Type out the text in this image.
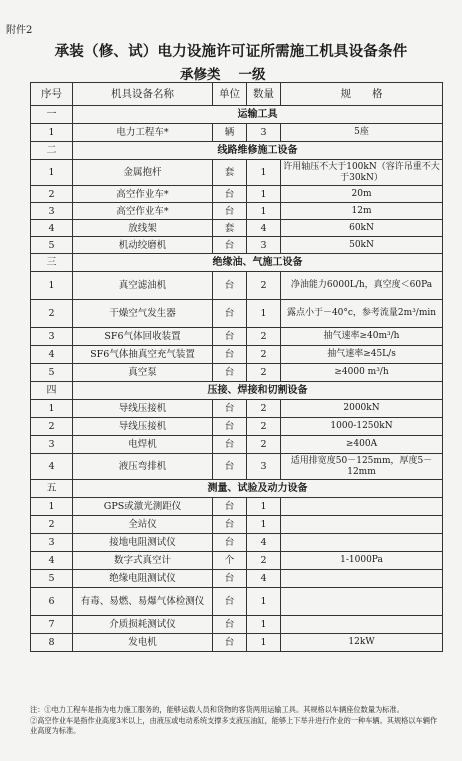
附件2
承装（修、试）电力设施许可证所需施工机具设备条件
承修类 一级
序号	机具设备名称	单位	数量	规　　格
一	运输工具			
1	电力工程车*	辆	3	5座
二	线路维修施工设备			
1	金属抱杆	套	1	许用轴压不大于100kN（容许吊重不大于30kN）
2	高空作业车*	台	1	20m
3	高空作业车*	台	1	12m
4	放线架	套	4	60kN
5	机动绞磨机	台	3	50kN
三	绝缘油、气施工设备			
1	真空滤油机	台	2	净油能力6000L/h，真空度＜60Pa
2	干燥空气发生器	台	1	露点小于－40°c，参考流量2m³/min
3	SF6气体回收装置	台	2	抽气速率≥40m³/h
4	SF6气体抽真空充气装置	台	2	抽气速率≥45L/s
5	真空泵	台	2	≥4000 m³/h
四	压接、焊接和切割设备			
1	导线压接机	台	2	2000kN
2	导线压接机	台	2	1000-1250kN
3	电焊机	台	2	≥400A
4	液压弯排机	台	3	适用排宽度50－125mm，厚度5－12mm
五	测量、试验及动力设备			
1	GPS或激光测距仪	台	1	
2	全站仪	台	1	
3	接地电阻测试仪	台	4	
4	数字式真空计	个	2	1-1000Pa
5	绝缘电阻测试仪	台	4	
6	有毒、易燃、易爆气体检测仪	台	1	
7	介质损耗测试仪	台	1	
8	发电机	台	1	12kW
注：①电力工程车是指为电力施工服务的，能够运载人员和货物的客货两用运输工具。其规格以车辆座位数量为标准。
②高空作业车是指作业高度3米以上，由液压或电动系统支撑多支液压油缸，能够上下举升进行作业的一种车辆。其规格以车辆作业高度为标准。
